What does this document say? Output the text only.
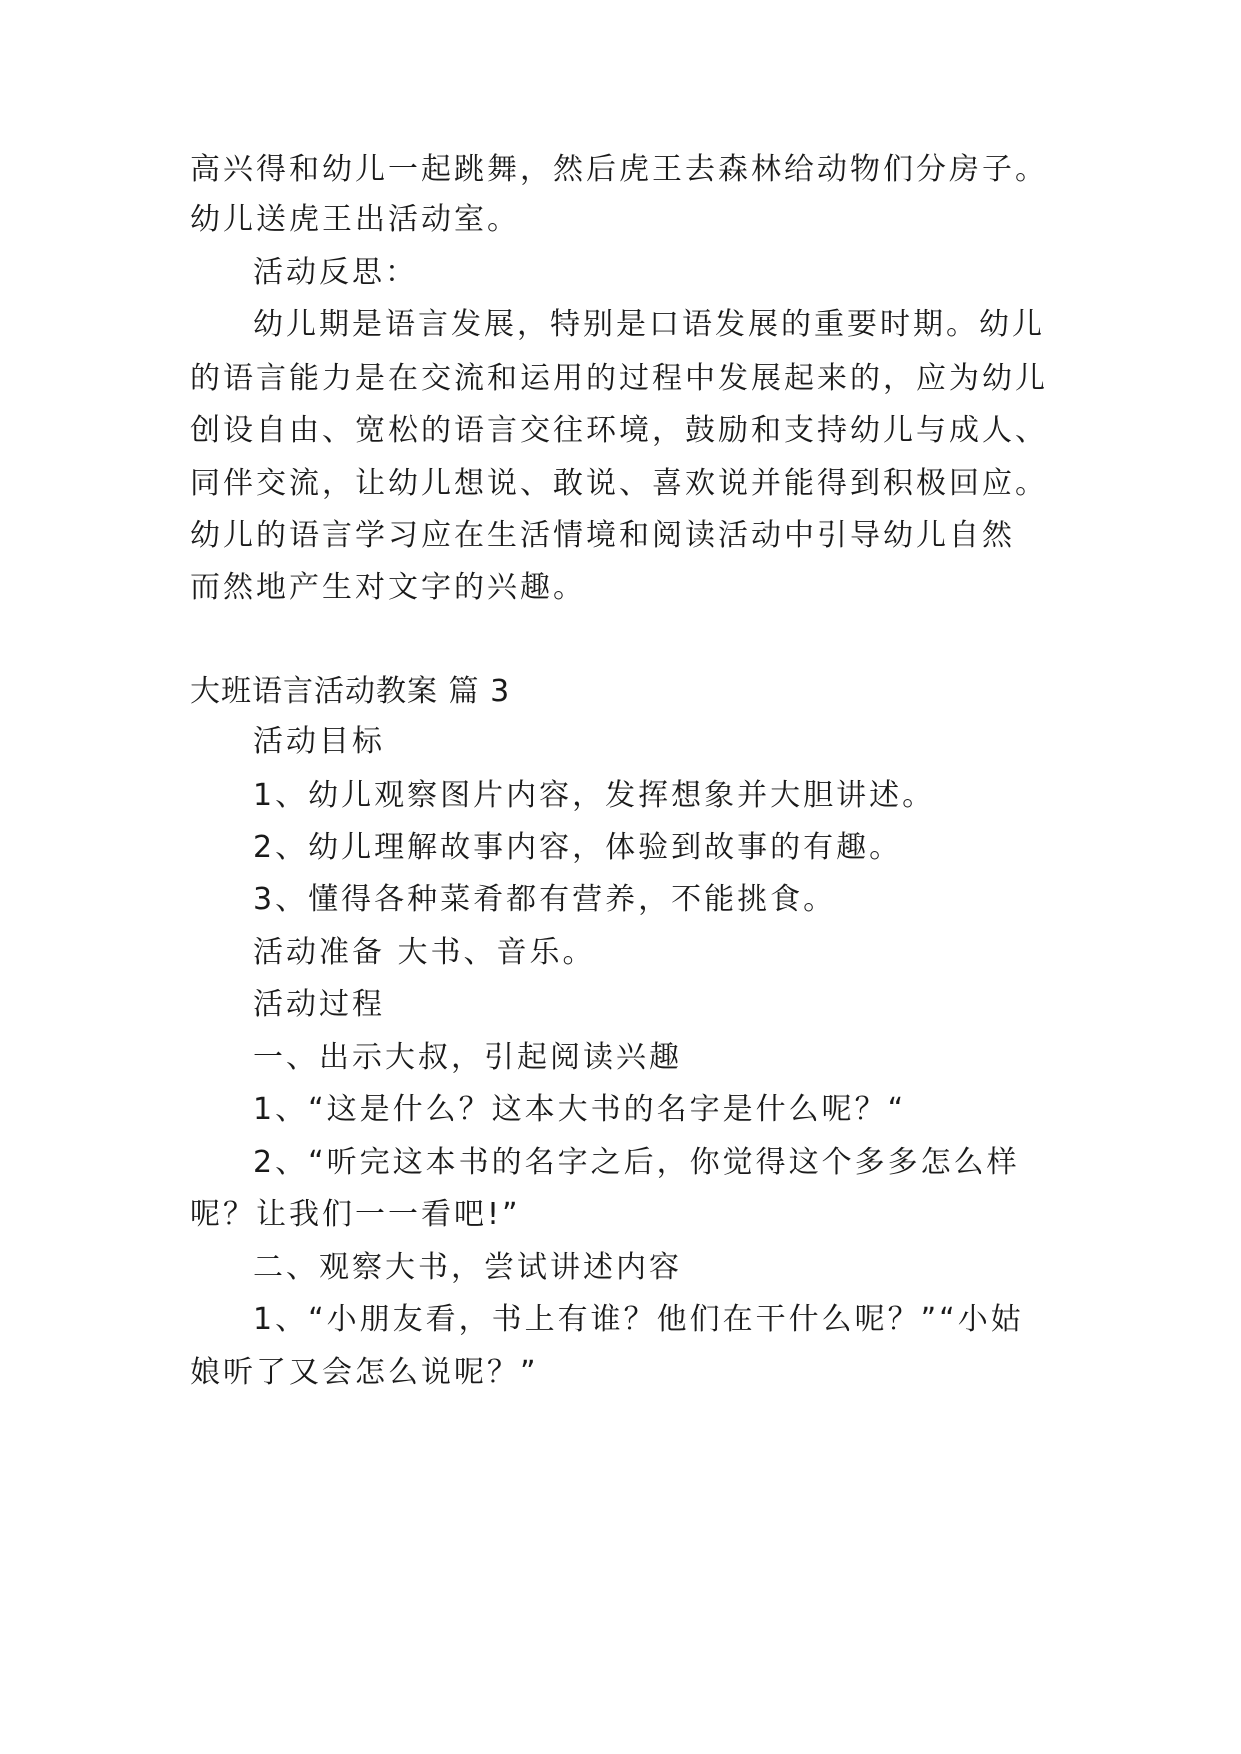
高兴得和幼儿一起跳舞，然后虎王去森林给动物们分房子。
幼儿送虎王出活动室。
活动反思：
幼儿期是语言发展，特别是口语发展的重要时期。幼儿
的语言能力是在交流和运用的过程中发展起来的，应为幼儿
创设自由、宽松的语言交往环境，鼓励和支持幼儿与成人、
同伴交流，让幼儿想说、敢说、喜欢说并能得到积极回应。
幼儿的语言学习应在生活情境和阅读活动中引导幼儿自然
而然地产生对文字的兴趣。
大班语言活动教案 篇 3
活动目标
1、幼儿观察图片内容，发挥想象并大胆讲述。
2、幼儿理解故事内容，体验到故事的有趣。
3、懂得各种菜肴都有营养，不能挑食。
活动准备 大书、音乐。
活动过程
一、出示大叔，引起阅读兴趣
1、“这是什么？这本大书的名字是什么呢？“
2、“听完这本书的名字之后，你觉得这个多多怎么样
呢？让我们一一看吧!”
二、观察大书，尝试讲述内容
1、“小朋友看，书上有谁？他们在干什么呢？”“小姑
娘听了又会怎么说呢？”
